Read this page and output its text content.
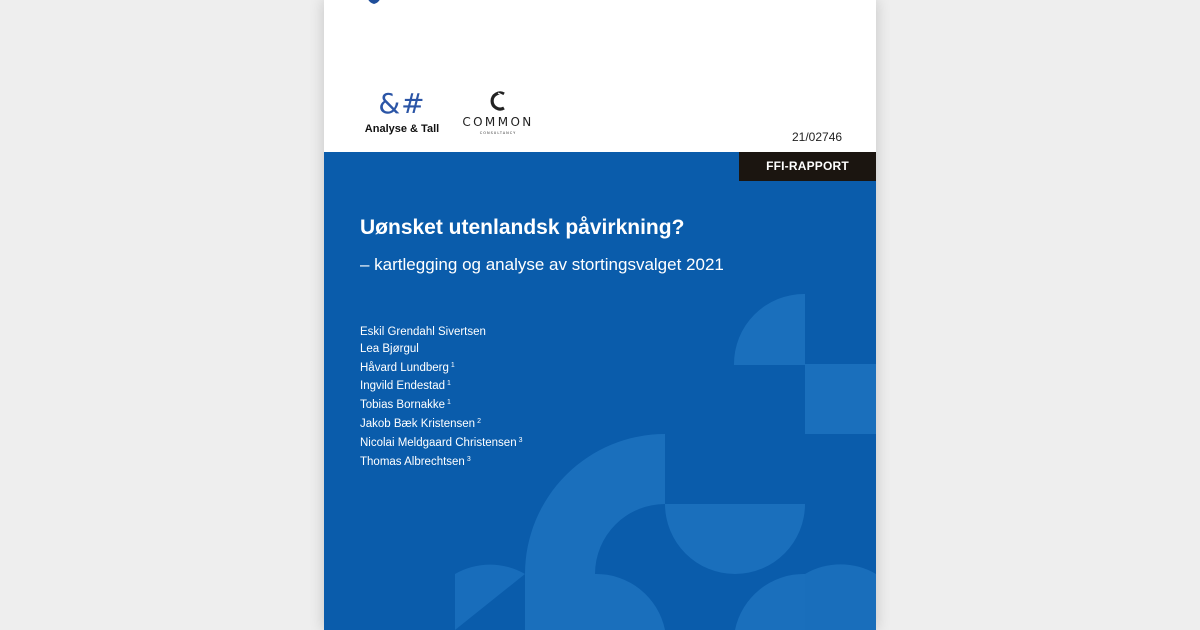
&#
Analyse & Tall	COMMON
CONSULTANCY	21/02746
FFI-RAPPORT
Uønsket utenlandsk påvirkning?
– kartlegging og analyse av stortingsvalget 2021
Eskil Grendahl Sivertsen
Lea Bjørgul
Håvard Lundberg $^1$
Ingvild Endestad $^1$
Tobias Bornakke $^1$
Jakob Bæk Kristensen $^2$
Nicolai Meldgaard Christensen $^3$
Thomas Albrechtsen $^3$
